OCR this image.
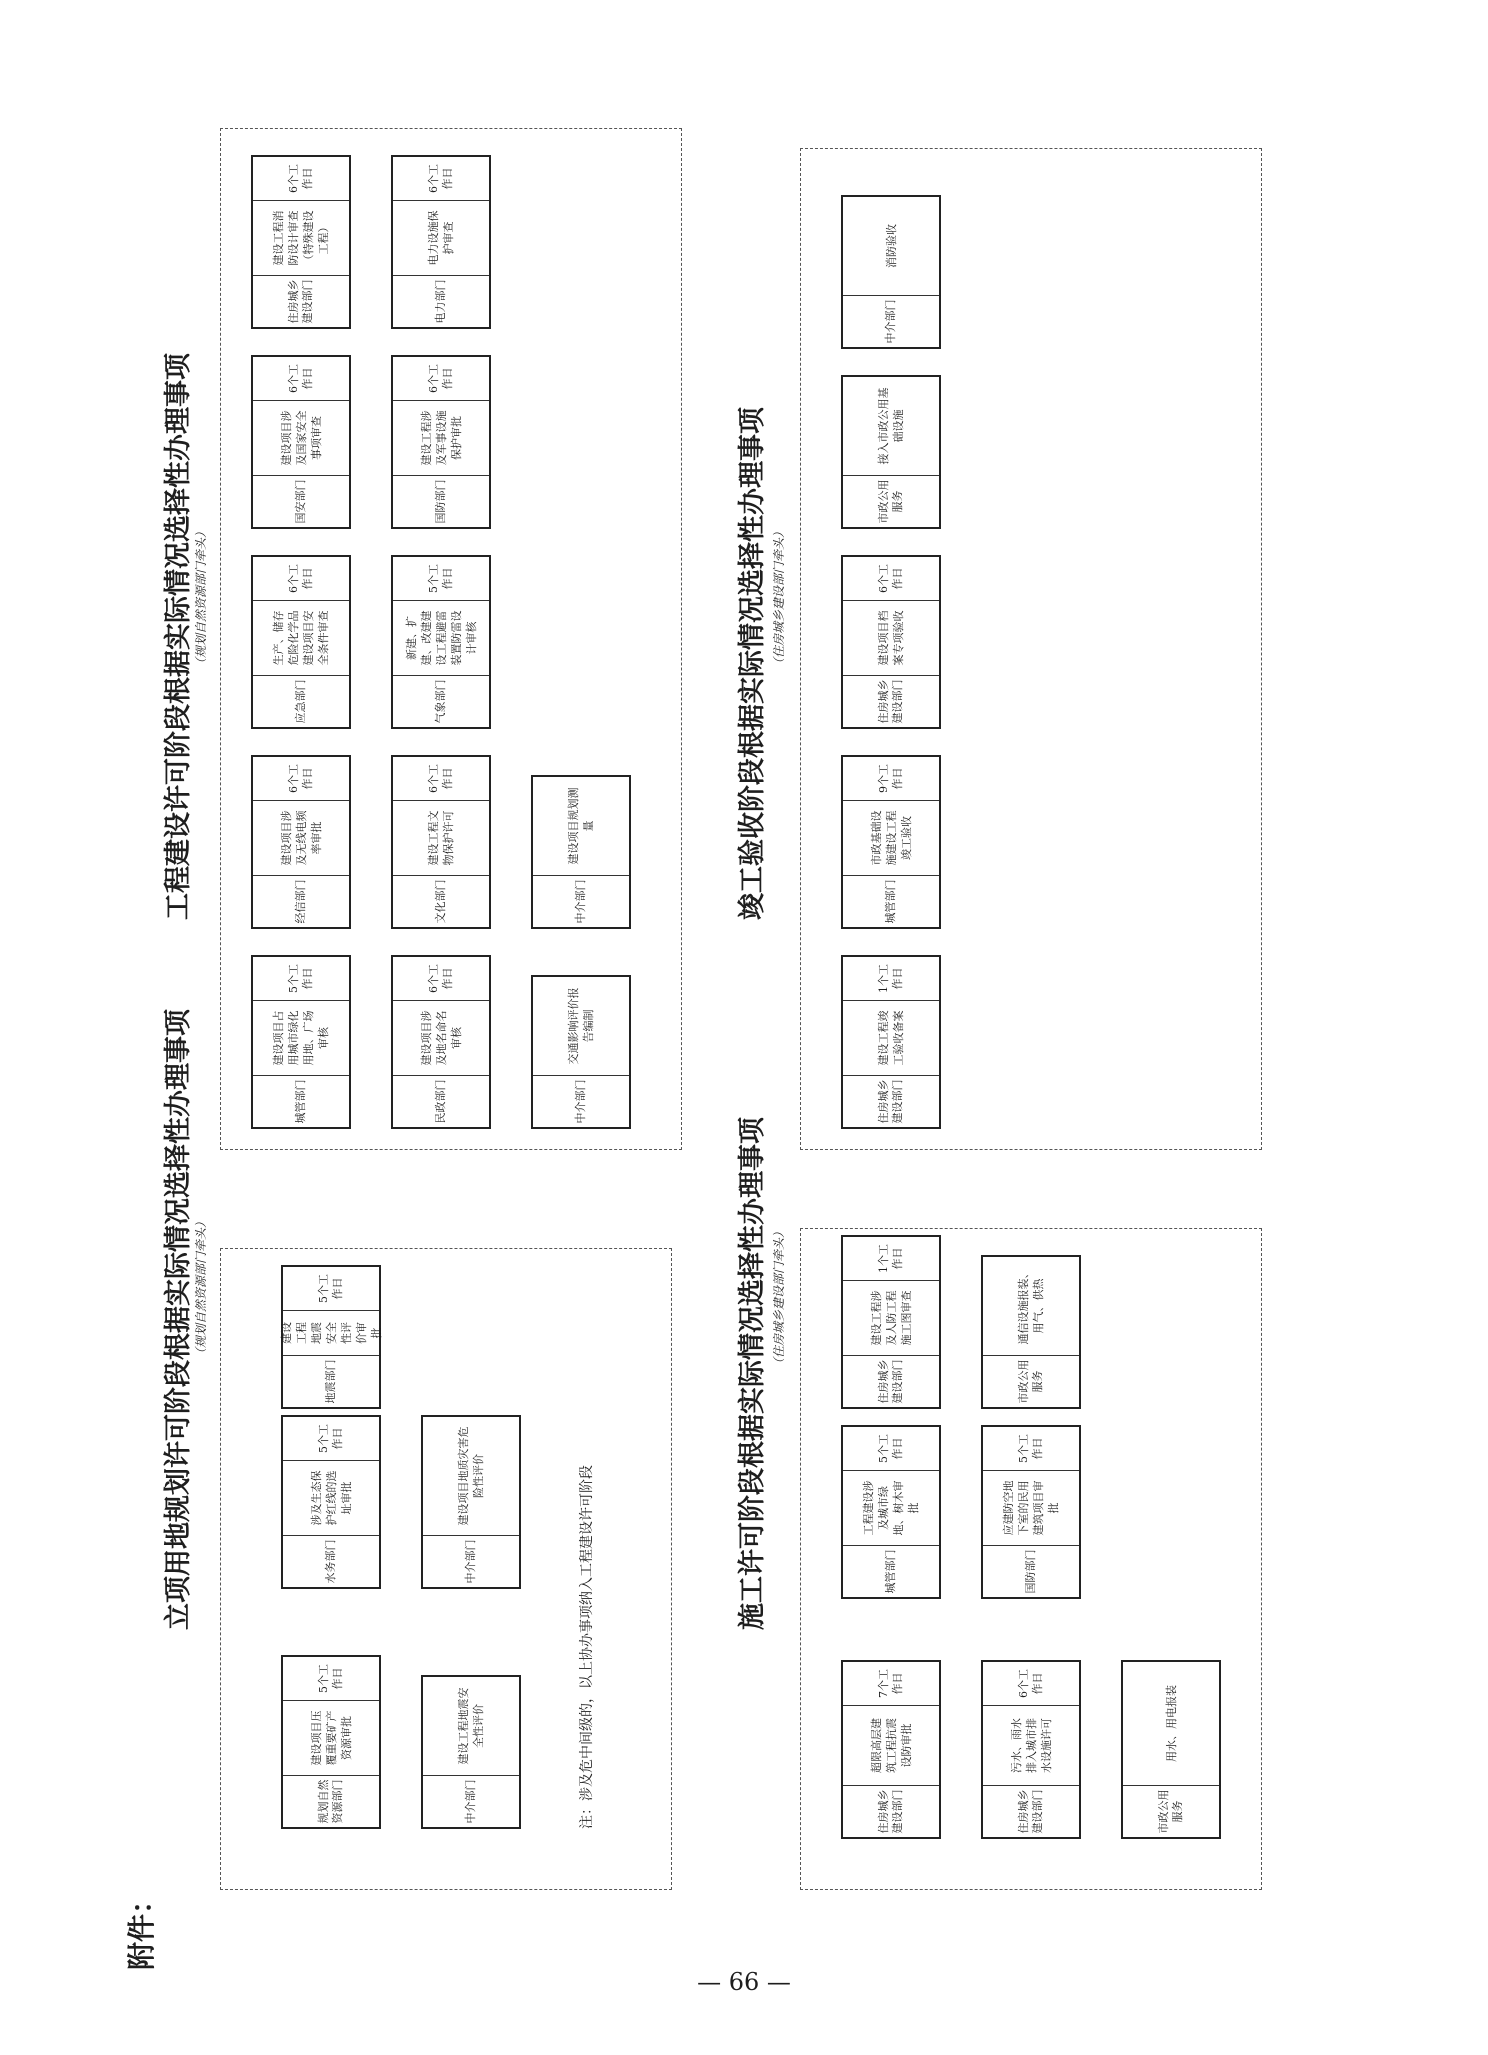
附件：
立项用地规划许可阶段根据实际情况选择性办理事项 （规划自然资源部门牵头）
规划自然资源部门
建设项目压覆重要矿产资源审批
5个工作日
中介部门
建设工程地震安全性评价
水务部门
涉及生态保护红线的选址审批
5个工作日
中介部门
建设项目地质灾害危险性评价
地震部门
建设工程地震安全性评价审批
5个工作日
注：涉及危中间级的，以上协办事项纳入工程建设许可阶段
施工许可阶段根据实际情况选择性办理事项 （住房城乡建设部门牵头）
住房城乡建设部门
超限高层建筑工程抗震设防审批
7个工作日
住房城乡建设部门
污水、雨水排入城市排水设施许可
6个工作日
市政公用服务
用水、用电报装
城管部门
工程建设涉及城市绿地、树木审批
5个工作日
国防部门
应建防空地下室的民用建筑项目审批
5个工作日
住房城乡建设部门
建设工程涉及人防工程施工图审查
1个工作日
市政公用服务
通信设施报装、用气、供热
工程建设许可阶段根据实际情况选择性办理事项 （规划自然资源部门牵头）
城管部门
建设项目占用城市绿化用地、广场审核
5个工作日
民政部门
建设项目涉及地名命名审核
6个工作日
中介部门
交通影响评价报告编制
经信部门
建设项目涉及无线电频率审批
6个工作日
文化部门
建设工程文物保护许可
6个工作日
中介部门
建设项目规划测量
应急部门
生产、储存危险化学品建设项目安全条件审查
6个工作日
气象部门
新建、扩建、改建建设工程避雷装置防雷设计审核
5个工作日
国安部门
建设项目涉及国家安全事项审查
6个工作日
国防部门
建设工程涉及军事设施保护审批
6个工作日
住房城乡建设部门
建设工程消防设计审查（特殊建设工程）
6个工作日
电力部门
电力设施保护审查
6个工作日
竣工验收阶段根据实际情况选择性办理事项 （住房城乡建设部门牵头）
住房城乡建设部门
建设工程竣工验收备案
1个工作日
城管部门
市政基础设施建设工程竣工验收
9个工作日
住房城乡建设部门
建设项目档案专项验收
6个工作日
市政公用服务
接入市政公用基础设施
中介部门
消防验收
— 66 —
